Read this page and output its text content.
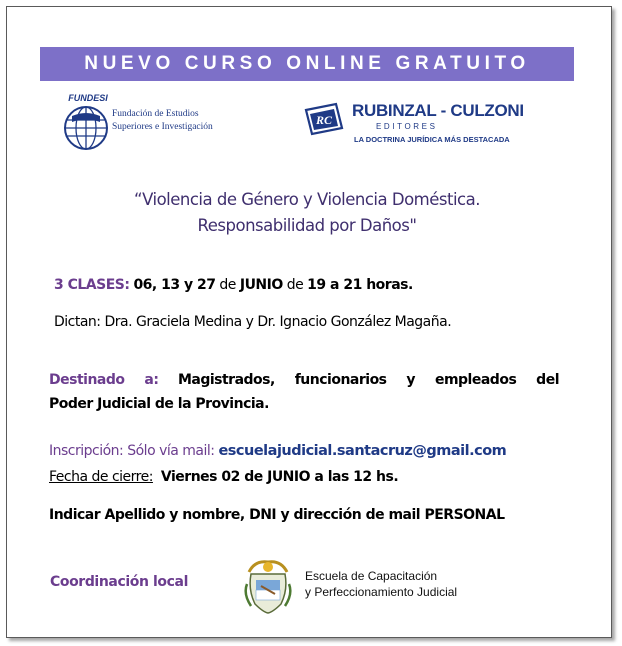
NUEVO CURSO ONLINE GRATUITO
FUNDESI
Fundación de Estudios
Superiores e Investigación	RC RUBINZAL - CULZONI
EDITORES
LA DOCTRINA JURÍDICA MÁS DESTACADA
“Violencia de Género y Violencia Doméstica.
Responsabilidad por Daños"
3 CLASES: 06, 13 y 27 de JUNIO de 19 a 21 horas.
Dictan: Dra. Graciela Medina y Dr. Ignacio González Magaña.
Destinado a: Magistrados, funcionarios y empleados del
Poder Judicial de la Provincia.
Inscripción: Sólo vía mail: escuelajudicial.santacruz@gmail.com
Fecha de cierre: Viernes 02 de JUNIO a las 12 hs.
Indicar Apellido y nombre, DNI y dirección de mail PERSONAL
Coordinación local	Escuela de Capacitación
y Perfeccionamiento Judicial
